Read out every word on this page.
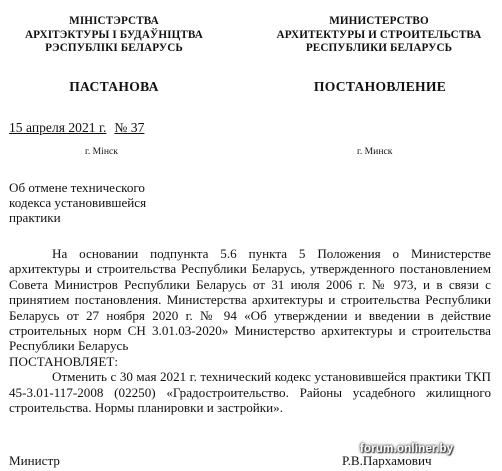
МІНІСТЭРСТВА
АРХІТЭКТУРЫ І БУДАЎНІЦТВА
РЭСПУБЛІКІ БЕЛАРУСЬ
МИНИСТЕРСТВО
АРХИТЕКТУРЫ И СТРОИТЕЛЬСТВА
РЕСПУБЛИКИ БЕЛАРУСЬ
ПАСТАНОВА	ПОСТАНОВЛЕНИЕ
15 апреля 2021 г. № 37
г. Мінск	г. Минск
Об отмене технического
кодекса установившейся
практики

На основании подпункта 5.6 пункта 5 Положения о Министерстве архитектуры и строительства Республики Беларусь, утвержденного постановлением Совета Министров Республики Беларусь от 31 июля 2006 г. № 973, и в связи с принятием постановления. Министерства архитектуры и строительства Республики Беларусь от 27 ноября 2020 г. № 94 «Об утверждении и введении в действие строительных норм СН 3.01.03-2020» Министерство архитектуры и строительства Республики Беларусь

ПОСТАНОВЛЯЕТ:

Отменить с 30 мая 2021 г. технический кодекс установившейся практики ТКП 45-3.01-117-2008 (02250) «Градостроительство. Районы усадебного жилищного строительства. Нормы планировки и застройки».

Министр	Р.В.Пархамович
forum.onliner.by
